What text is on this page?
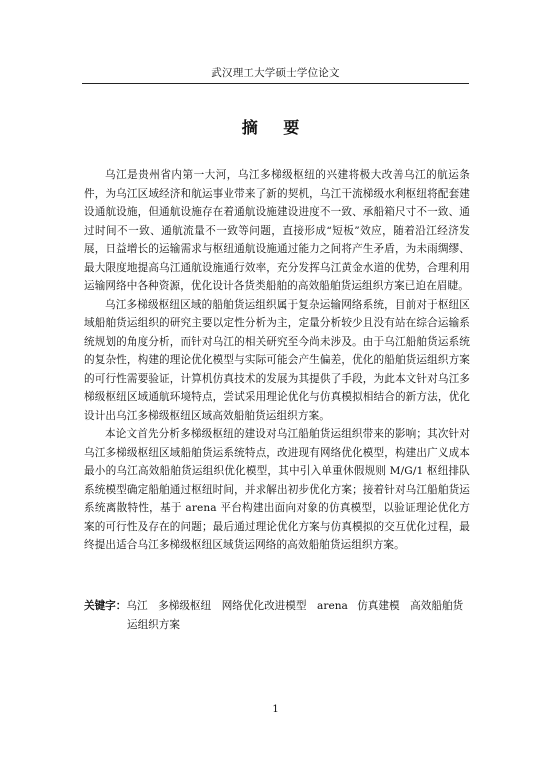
武汉理工大学硕士学位论文
摘 要

乌江是贵州省内第一大河，乌江多梯级枢纽的兴建将极大改善乌江的航运条件，为乌江区域经济和航运事业带来了新的契机，乌江干流梯级水利枢纽将配套建设通航设施，但通航设施存在着通航设施建设进度不一致、承船箱尺寸不一致、通过时间不一致、通航流量不一致等问题，直接形成“短板”效应，随着沿江经济发展，日益增长的运输需求与枢纽通航设施通过能力之间将产生矛盾，为未雨绸缪、最大限度地提高乌江通航设施通行效率，充分发挥乌江黄金水道的优势，合理利用运输网络中各种资源，优化设计各货类船舶的高效船舶货运组织方案已迫在眉睫。

乌江多梯级枢纽区域的船舶货运组织属于复杂运输网络系统，目前对于枢纽区域船舶货运组织的研究主要以定性分析为主，定量分析较少且没有站在综合运输系统规划的角度分析，而针对乌江的相关研究至今尚未涉及。由于乌江船舶货运系统的复杂性，构建的理论优化模型与实际可能会产生偏差，优化的船舶货运组织方案的可行性需要验证，计算机仿真技术的发展为其提供了手段，为此本文针对乌江多梯级枢纽区域通航环境特点，尝试采用理论优化与仿真模拟相结合的新方法，优化设计出乌江多梯级枢纽区域高效船舶货运组织方案。

本论文首先分析多梯级枢纽的建设对乌江船舶货运组织带来的影响；其次针对乌江多梯级枢纽区域船舶货运系统特点，改进现有网络优化模型，构建出广义成本最小的乌江高效船舶货运组织优化模型，其中引入单重休假规则 M/G/1 枢纽排队系统模型确定船舶通过枢纽时间，并求解出初步优化方案；接着针对乌江船舶货运系统离散特性，基于 arena 平台构建出面向对象的仿真模型，以验证理论优化方案的可行性及存在的问题；最后通过理论优化方案与仿真模拟的交互优化过程，最终提出适合乌江多梯级枢纽区域货运网络的高效船舶货运组织方案。

关键字：乌江　多梯级枢纽　网络优化改进模型　arena 仿真建模　高效船舶货运组织方案
1
